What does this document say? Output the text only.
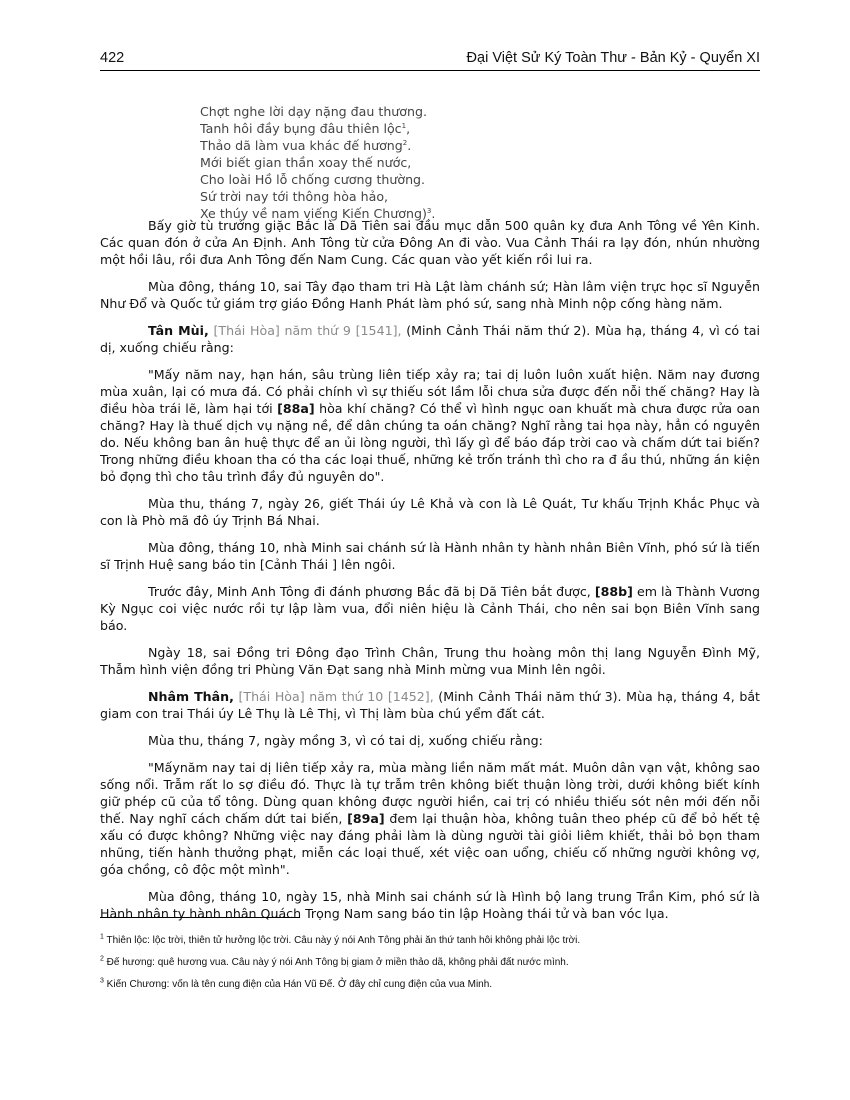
422	Đại Việt Sử Ký Toàn Thư - Bản Kỷ - Quyển XI
Chợt nghe lời dạy nặng đau thương.
Tanh hôi đầy bụng đâu thiên lộc$^1$,
Thảo dã làm vua khác đế hương$^2$.
Mới biết gian thần xoay thế nước,
Cho loài Hồ lỗ chống cương thường.
Sứ trời nay tới thông hòa hảo,
Xe thúy về nam viếng Kiến Chương)$^3$.

Bấy giờ tù trưởng giặc Bắc là Dã Tiên sai đầu mục dẫn 500 quân kỵ đưa Anh Tông về Yên Kinh. Các quan đón ở cửa An Định. Anh Tông từ cửa Đông An đi vào. Vua Cảnh Thái ra lạy đón, nhún nhường một hồi lâu, rồi đưa Anh Tông đến Nam Cung. Các quan vào yết kiến rồi lui ra.

Mùa đông, tháng 10, sai Tây đạo tham tri Hà Lật làm chánh sứ; Hàn lâm viện trực học sĩ Nguyễn Như Đổ và Quốc tử giám trợ giáo Đồng Hanh Phát làm phó sứ, sang nhà Minh nộp cống hàng năm.

Tân Mùi, [Thái Hòa] năm thứ 9 [1541], (Minh Cảnh Thái năm thứ 2). Mùa hạ, tháng 4, vì có tai dị, xuống chiếu rằng:

"Mấy năm nay, hạn hán, sâu trùng liên tiếp xảy ra; tai dị luôn luôn xuất hiện. Năm nay đương mùa xuân, lại có mưa đá. Có phải chính vì sự thiếu sót lầm lỗi chưa sửa được đến nỗi thế chăng? Hay là điều hòa trái lẽ, làm hại tới [88a] hòa khí chăng? Có thể vì hình ngục oan khuất mà chưa được rửa oan chăng? Hay là thuế dịch vụ nặng nề, để dân chúng ta oán chăng? Nghĩ rằng tai họa này, hẳn có nguyên do. Nếu không ban ân huệ thực để an ủi lòng người, thì lấy gì để báo đáp trời cao và chấm dứt tai biến? Trong những điều khoan tha có tha các loại thuế, những kẻ trốn tránh thì cho ra đ ầu thú, những án kiện bỏ đọng thì cho tâu trình đầy đủ nguyên do".

Mùa thu, tháng 7, ngày 26, giết Thái úy Lê Khả và con là Lê Quát, Tư khấu Trịnh Khắc Phục và con là Phò mã đô úy Trịnh Bá Nhai.

Mùa đông, tháng 10, nhà Minh sai chánh sứ là Hành nhân ty hành nhân Biên Vĩnh, phó sứ là tiến sĩ Trịnh Huệ sang báo tin [Cảnh Thái ] lên ngôi.

Trước đây, Minh Anh Tông đi đánh phương Bắc đã bị Dã Tiên bắt được, [88b] em là Thành Vương Kỳ Ngục coi việc nước rồi tự lập làm vua, đổi niên hiệu là Cảnh Thái, cho nên sai bọn Biên Vĩnh sang báo.

Ngày 18, sai Đồng tri Đông đạo Trình Chân, Trung thu hoàng môn thị lang Nguyễn Đình Mỹ, Thẫm hình viện đồng tri Phùng Văn Đạt sang nhà Minh mừng vua Minh lên ngôi.

Nhâm Thân, [Thái Hòa] năm thứ 10 [1452], (Minh Cảnh Thái năm thứ 3). Mùa hạ, tháng 4, bắt giam con trai Thái úy Lê Thụ là Lê Thị, vì Thị làm bùa chú yểm đất cát.

Mùa thu, tháng 7, ngày mồng 3, vì có tai dị, xuống chiếu rằng:

"Mấynăm nay tai dị liên tiếp xảy ra, mùa màng liền năm mất mát. Muôn dân vạn vật, không sao sống nổi. Trẫm rất lo sợ điều đó. Thực là tự trẫm trên không biết thuận lòng trời, dưới không biết kính giữ phép cũ của tổ tông. Dùng quan không được người hiền, cai trị có nhiều thiếu sót nên mới đến nỗi thế. Nay nghĩ cách chấm dứt tai biến, [89a] đem lại thuận hòa, không tuân theo phép cũ để bỏ hết tệ xấu có được không? Những việc nay đáng phải làm là dùng người tài giỏi liêm khiết, thải bỏ bọn tham nhũng, tiến hành thưởng phạt, miễn các loại thuế, xét việc oan uổng, chiếu cố những người không vợ, góa chồng, cô độc một mình".

Mùa đông, tháng 10, ngày 15, nhà Minh sai chánh sứ là Hình bộ lang trung Trần Kim, phó sứ là Hành nhân ty hành nhân Quách Trọng Nam sang báo tin lập Hoàng thái tử và ban vóc lụa.

$^1$ Thiên lộc: lộc trời, thiên tử hưởng lộc trời. Câu này ý nói Anh Tông phải ăn thứ tanh hôi không phải lộc trời.
$^2$ Đế hương: quê hương vua. Câu này ý nói Anh Tông bị giam ở miền thảo dã, không phải đất nước mình.
$^3$ Kiến Chương: vốn là tên cung điện của Hán Vũ Đế. Ở đây chỉ cung điện của vua Minh.
